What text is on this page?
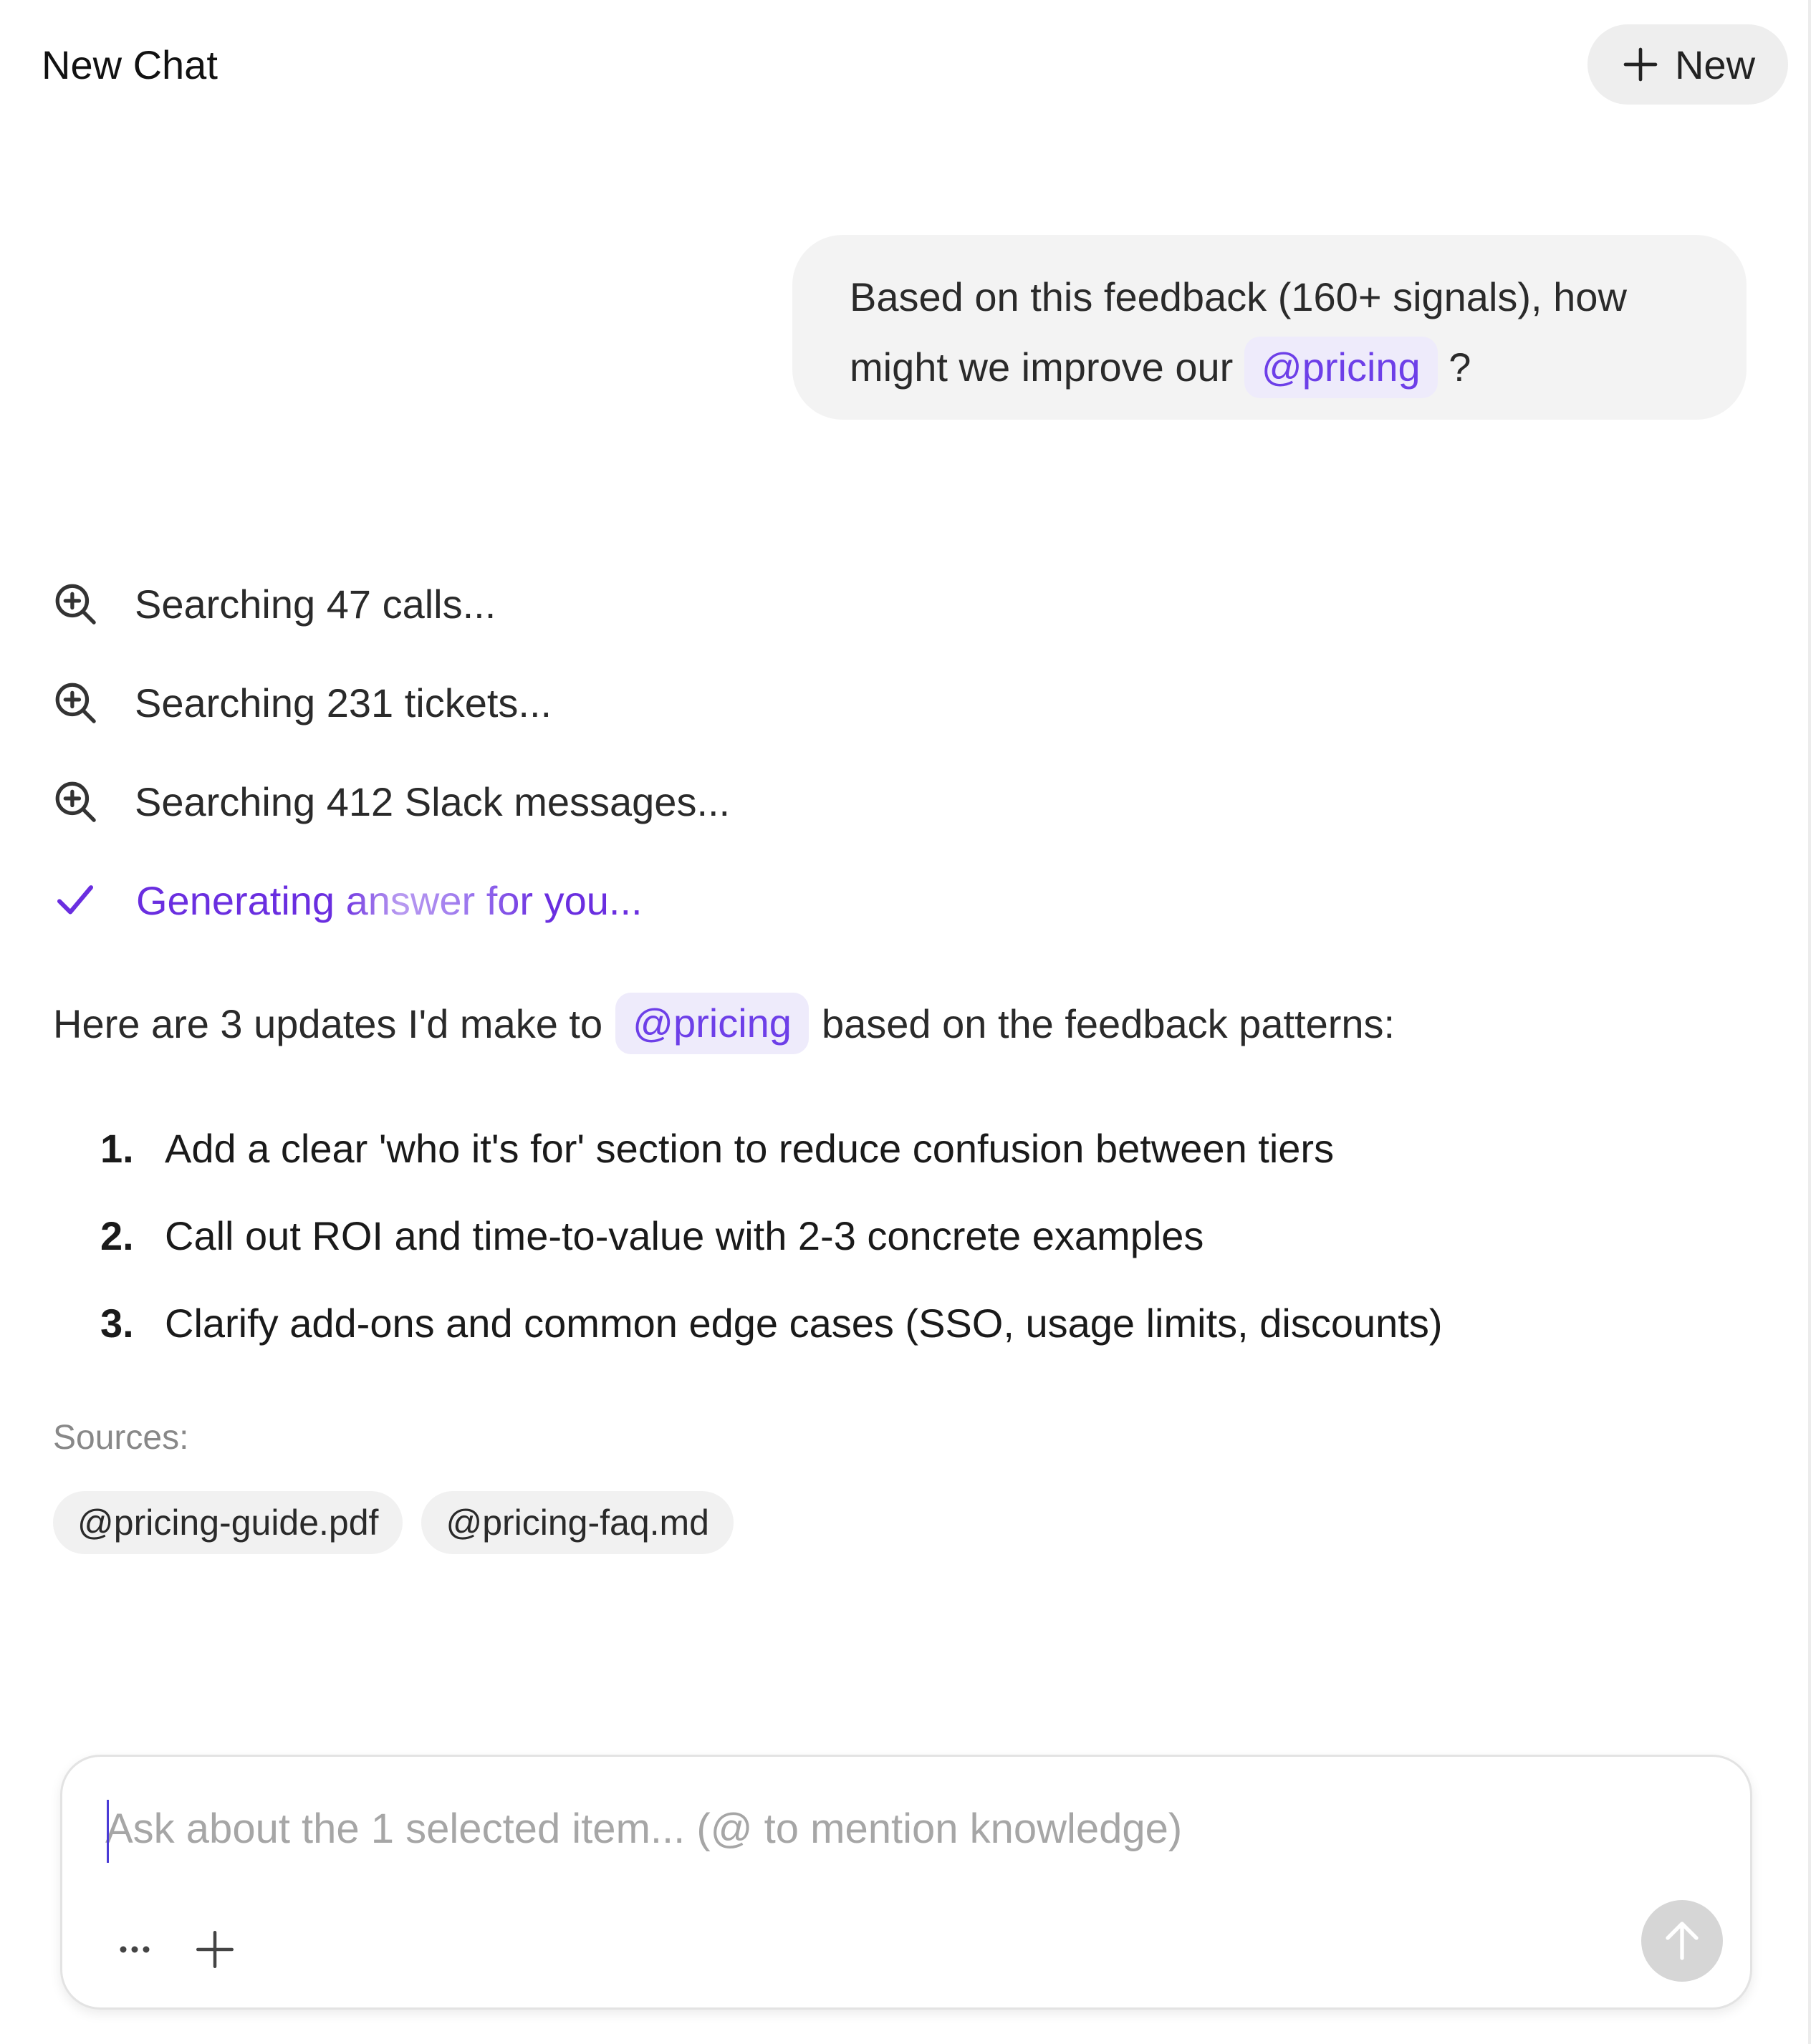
New Chat	New
Based on this feedback (160+ signals), how might we improve our @pricing ?
Searching 47 calls...
Searching 231 tickets...
Searching 412 Slack messages...
Generating answer for you...
Here are 3 updates I'd make to @pricing based on the feedback patterns:
1. Add a clear 'who it's for' section to reduce confusion between tiers
2. Call out ROI and time-to-value with 2-3 concrete examples
3. Clarify add-ons and common edge cases (SSO, usage limits, discounts)
Sources:
@pricing-guide.pdf	@pricing-faq.md
Ask about the 1 selected item... (@ to mention knowledge)
